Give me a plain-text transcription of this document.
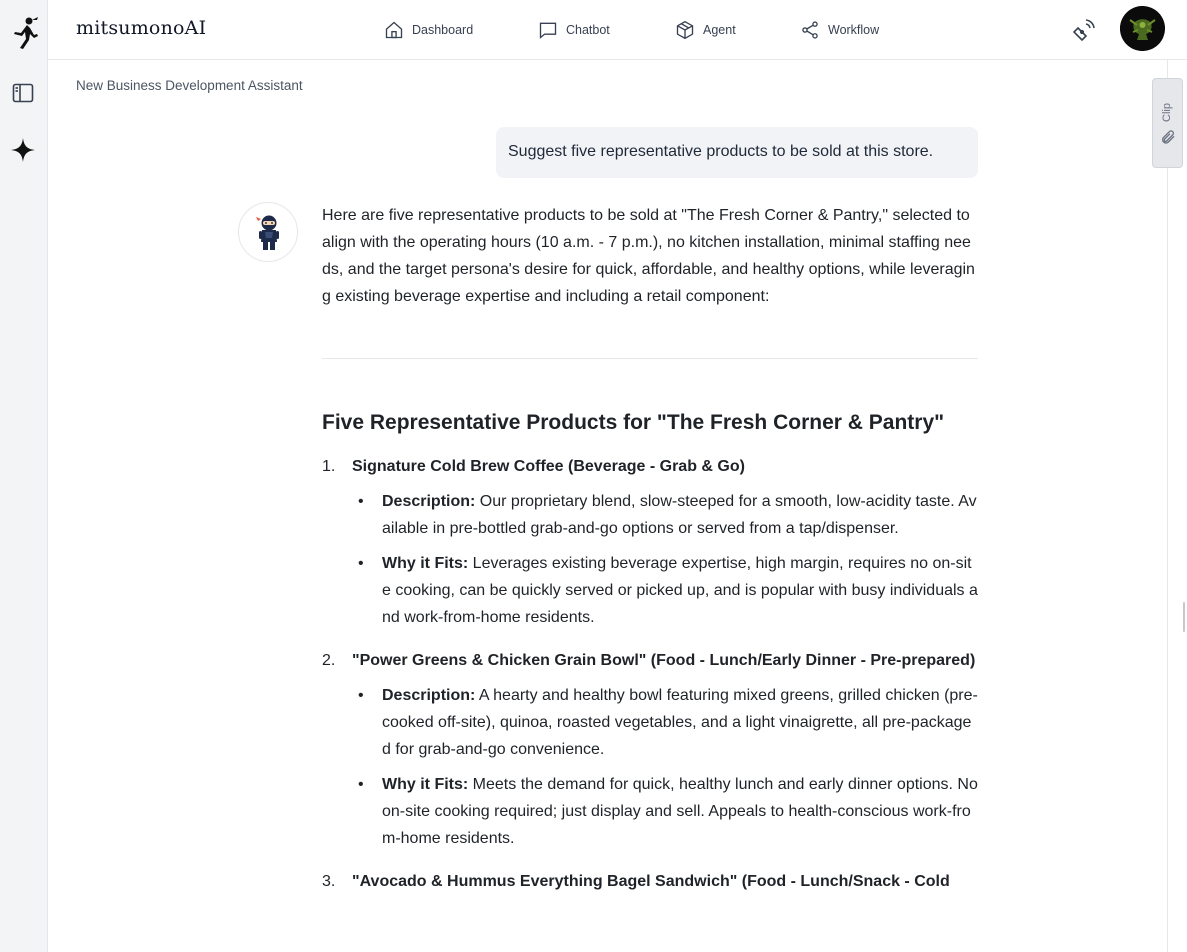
mitsumonoAI	Dashboard	Chatbot	Agent	Workflow
New Business Development Assistant
Clip
Suggest five representative products to be sold at this store.

Here are five representative products to be sold at "The Fresh Corner & Pantry," selected to align with the operating hours (10 a.m. - 7 p.m.), no kitchen installation, minimal staffing needs, and the target persona's desire for quick, affordable, and healthy options, while leveraging existing beverage expertise and including a retail component:

Five Representative Products for "The Fresh Corner & Pantry"
1. Signature Cold Brew Coffee (Beverage - Grab & Go)
• Description: Our proprietary blend, slow-steeped for a smooth, low-acidity taste. Available in pre-bottled grab-and-go options or served from a tap/dispenser.
• Why it Fits: Leverages existing beverage expertise, high margin, requires no on-site cooking, can be quickly served or picked up, and is popular with busy individuals and work-from-home residents.
2. "Power Greens & Chicken Grain Bowl" (Food - Lunch/Early Dinner - Pre-prepared)
• Description: A hearty and healthy bowl featuring mixed greens, grilled chicken (pre-cooked off-site), quinoa, roasted vegetables, and a light vinaigrette, all pre-packaged for grab-and-go convenience.
• Why it Fits: Meets the demand for quick, healthy lunch and early dinner options. No on-site cooking required; just display and sell. Appeals to health-conscious work-from-home residents.
3. "Avocado & Hummus Everything Bagel Sandwich" (Food - Lunch/Snack - Cold
